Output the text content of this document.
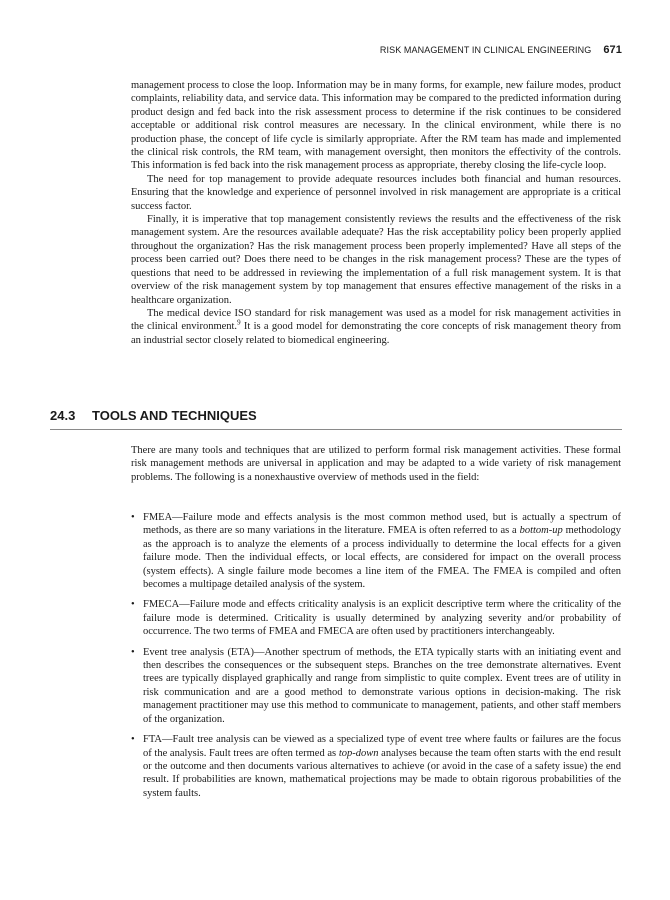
RISK MANAGEMENT IN CLINICAL ENGINEERING 671

management process to close the loop. Information may be in many forms, for example, new failure modes, product complaints, reliability data, and service data. This information may be compared to the predicted information during product design and fed back into the risk assessment process to determine if the risk continues to be considered acceptable or additional risk control measures are necessary. In the clinical environment, while there is no production phase, the concept of life cycle is similarly appropriate. After the RM team has made and implemented the clinical risk controls, the RM team, with management oversight, then monitors the effectivity of the controls. This information is fed back into the risk management process as appropriate, thereby closing the life-cycle loop.

The need for top management to provide adequate resources includes both financial and human resources. Ensuring that the knowledge and experience of personnel involved in risk management are appropriate is a critical success factor.

Finally, it is imperative that top management consistently reviews the results and the effectiveness of the risk management system. Are the resources available adequate? Has the risk acceptability policy been properly applied throughout the organization? Has the risk management process been properly implemented? Have all steps of the process been carried out? Does there need to be changes in the risk management process? These are the types of questions that need to be addressed in reviewing the implementation of a full risk management system. It is that overview of the risk management system by top management that ensures effective management of the risks in a healthcare organization.

The medical device ISO standard for risk management was used as a model for risk management activities in the clinical environment.$^9$ It is a good model for demonstrating the core concepts of risk management theory from an industrial sector closely related to biomedical engineering.

24.3 TOOLS AND TECHNIQUES

There are many tools and techniques that are utilized to perform formal risk management activities. These formal risk management methods are universal in application and may be adapted to a wide variety of risk management problems. The following is a nonexhaustive overview of methods used in the field:

• FMEA—Failure mode and effects analysis is the most common method used, but is actually a spectrum of methods, as there are so many variations in the literature. FMEA is often referred to as a bottom-up methodology as the approach is to analyze the elements of a process individually to determine the local effects for a given failure mode. Then the individual effects, or local effects, are considered for impact on the overall process (system effects). A single failure mode becomes a line item of the FMEA. The FMEA is compiled and often becomes a multipage detailed analysis of the system.
• FMECA—Failure mode and effects criticality analysis is an explicit descriptive term where the criticality of the failure mode is determined. Criticality is usually determined by analyzing severity and/or probability of occurrence. The two terms of FMEA and FMECA are often used by practitioners interchangeably.
• Event tree analysis (ETA)—Another spectrum of methods, the ETA typically starts with an initiating event and then describes the consequences or the subsequent steps. Branches on the tree demonstrate alternatives. Event trees are typically displayed graphically and range from simplistic to quite complex. Event trees are of utility in risk communication and are a good method to demonstrate various options in decision-making. The risk management practitioner may use this method to communicate to management, patients, and other staff members of the organization.
• FTA—Fault tree analysis can be viewed as a specialized type of event tree where faults or failures are the focus of the analysis. Fault trees are often termed as top-down analyses because the team often starts with the end result or the outcome and then documents various alternatives to achieve (or avoid in the case of a safety issue) the end result. If probabilities are known, mathematical projections may be made to obtain rigorous probabilities of the system faults.
